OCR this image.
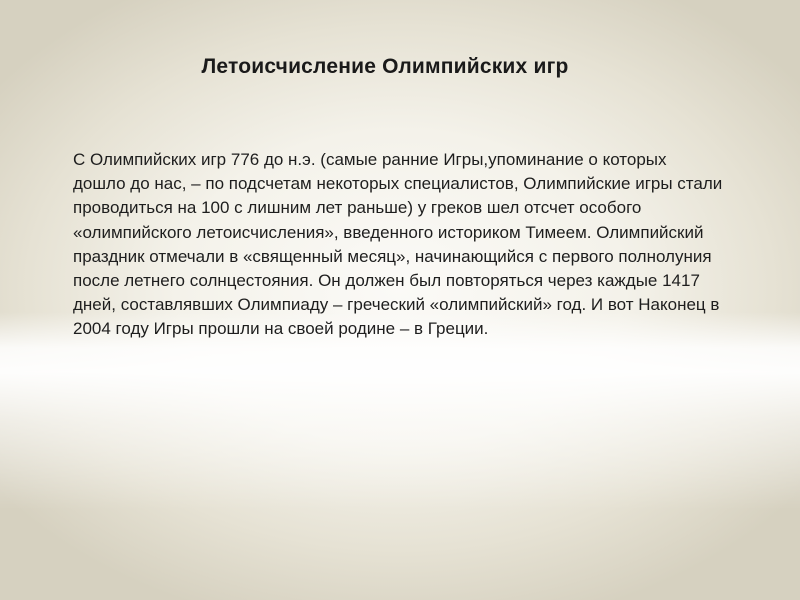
Летоисчисление Олимпийских игр

С Олимпийских игр 776 до н.э. (самые ранние Игры,упоминание о которых дошло до нас, – по подсчетам некоторых специалистов, Олимпийские игры стали проводиться на 100 с лишним лет раньше) у греков шел отсчет особого «олимпийского летоисчисления», введенного историком Тимеем. Олимпийский праздник отмечали в «священный месяц», начинающийся с первого полнолуния после летнего солнцестояния. Он должен был повторяться через каждые 1417 дней, составлявших Олимпиаду – греческий «олимпийский» год. И вот Наконец в 2004 году Игры прошли на своей родине – в Греции.
